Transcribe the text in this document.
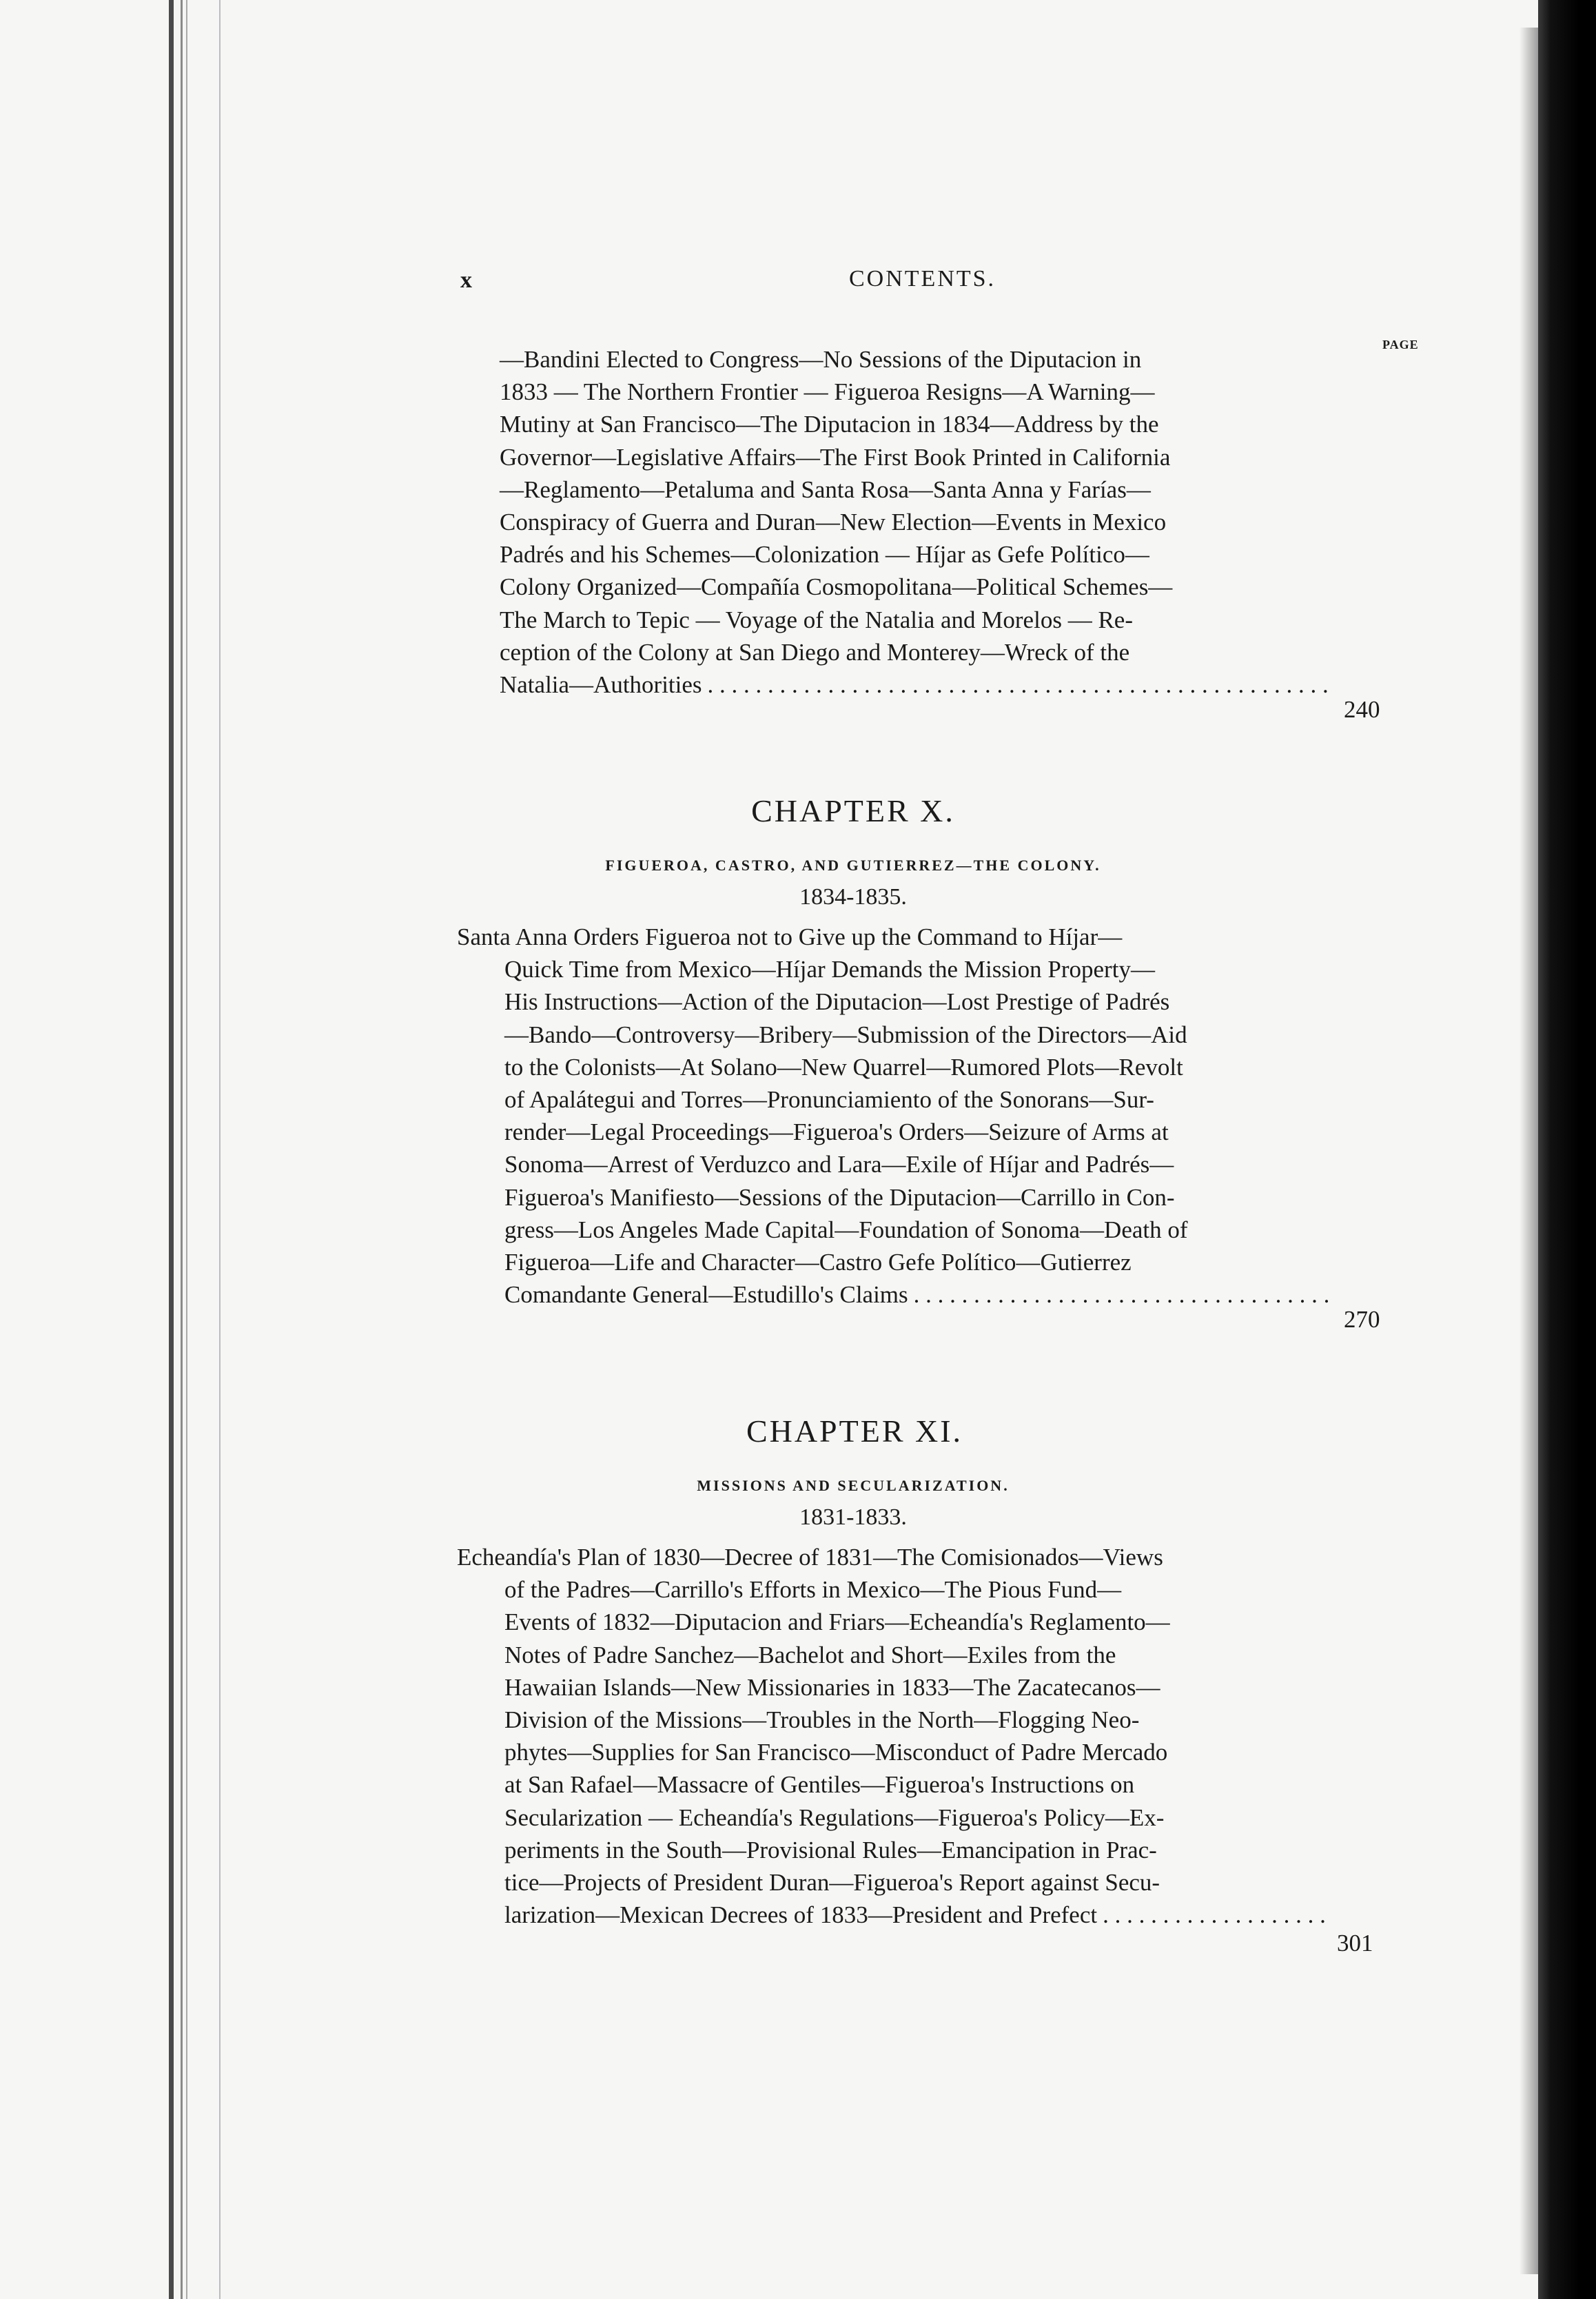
x	CONTENTS.
PAGE
—Bandini Elected to Congress—No Sessions of the Diputacion in
1833 — The Northern Frontier — Figueroa Resigns—A Warning—
Mutiny at San Francisco—The Diputacion in 1834—Address by the
Governor—Legislative Affairs—The First Book Printed in California
—Reglamento—Petaluma and Santa Rosa—Santa Anna y Farías—
Conspiracy of Guerra and Duran—New Election—Events in Mexico
Padrés and his Schemes—Colonization — Híjar as Gefe Político—
Colony Organized—Compañía Cosmopolitana—Political Schemes—
The March to Tepic — Voyage of the Natalia and Morelos — Re-
ception of the Colony at San Diego and Monterey—Wreck of the
Natalia—Authorities
. . .
240
CHAPTER X.
FIGUEROA, CASTRO, AND GUTIERREZ—THE COLONY.
1834-1835.
Santa Anna Orders Figueroa not to Give up the Command to Híjar—
Quick Time from Mexico—Híjar Demands the Mission Property—
His Instructions—Action of the Diputacion—Lost Prestige of Padrés
—Bando—Controversy—Bribery—Submission of the Directors—Aid
to the Colonists—At Solano—New Quarrel—Rumored Plots—Revolt
of Apalátegui and Torres—Pronunciamiento of the Sonorans—Sur-
render—Legal Proceedings—Figueroa's Orders—Seizure of Arms at
Sonoma—Arrest of Verduzco and Lara—Exile of Híjar and Padrés—
Figueroa's Manifiesto—Sessions of the Diputacion—Carrillo in Con-
gress—Los Angeles Made Capital—Foundation of Sonoma—Death of
Figueroa—Life and Character—Castro Gefe Político—Gutierrez
Comandante General—Estudillo's Claims
. . .
270
CHAPTER XI.
MISSIONS AND SECULARIZATION.
1831-1833.
Echeandía's Plan of 1830—Decree of 1831—The Comisionados—Views
of the Padres—Carrillo's Efforts in Mexico—The Pious Fund—
Events of 1832—Diputacion and Friars—Echeandía's Reglamento—
Notes of Padre Sanchez—Bachelot and Short—Exiles from the
Hawaiian Islands—New Missionaries in 1833—The Zacatecanos—
Division of the Missions—Troubles in the North—Flogging Neo-
phytes—Supplies for San Francisco—Misconduct of Padre Mercado
at San Rafael—Massacre of Gentiles—Figueroa's Instructions on
Secularization — Echeandía's Regulations—Figueroa's Policy—Ex-
periments in the South—Provisional Rules—Emancipation in Prac-
tice—Projects of President Duran—Figueroa's Report against Secu-
larization—Mexican Decrees of 1833—President and Prefect
. . .
301
